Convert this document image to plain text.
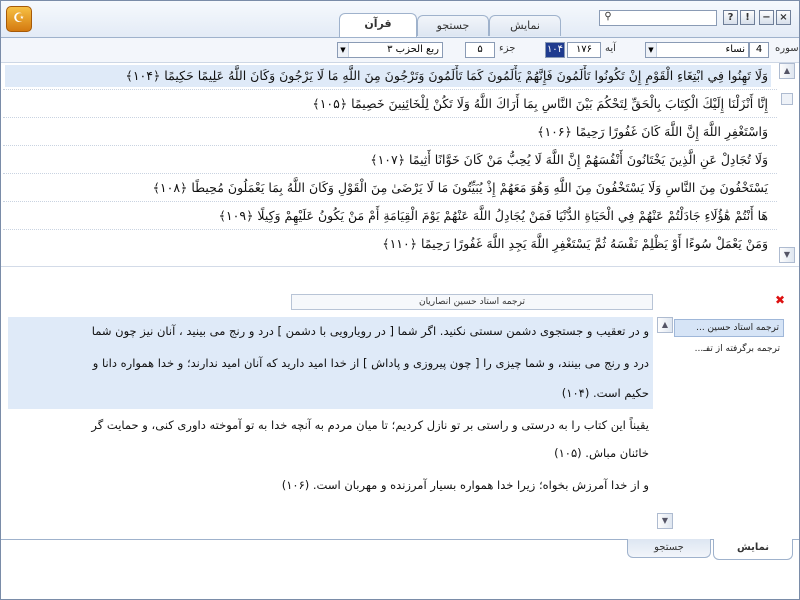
☪	نمایش
جستجو
قرآن
⚲	?	!	− ×
سوره
4
▼	نساء
آیه
۱۷۶
۱۰۴
جزء
۵
▼	ربع الحزب ۳
وَلَا تَهِنُوا فِي ابْتِغَاءِ الْقَوْمِ إِنْ تَكُونُوا تَأْلَمُونَ فَإِنَّهُمْ يَأْلَمُونَ كَمَا تَأْلَمُونَ وَتَرْجُونَ مِنَ اللَّهِ مَا لَا يَرْجُونَ وَكَانَ اللَّهُ عَلِيمًا حَكِيمًا ﴿۱۰۴﴾
إِنَّا أَنْزَلْنَا إِلَيْكَ الْكِتَابَ بِالْحَقِّ لِتَحْكُمَ بَيْنَ النَّاسِ بِمَا أَرَاكَ اللَّهُ وَلَا تَكُنْ لِلْخَائِنِينَ خَصِيمًا ﴿۱۰۵﴾
وَاسْتَغْفِرِ اللَّهَ إِنَّ اللَّهَ كَانَ غَفُورًا رَحِيمًا ﴿۱۰۶﴾
وَلَا تُجَادِلْ عَنِ الَّذِينَ يَخْتَانُونَ أَنْفُسَهُمْ إِنَّ اللَّهَ لَا يُحِبُّ مَنْ كَانَ خَوَّانًا أَثِيمًا ﴿۱۰۷﴾
يَسْتَخْفُونَ مِنَ النَّاسِ وَلَا يَسْتَخْفُونَ مِنَ اللَّهِ وَهُوَ مَعَهُمْ إِذْ يُبَيِّتُونَ مَا لَا يَرْضَىٰ مِنَ الْقَوْلِ وَكَانَ اللَّهُ بِمَا يَعْمَلُونَ مُحِيطًا ﴿۱۰۸﴾
هَا أَنْتُمْ هَٰؤُلَاءِ جَادَلْتُمْ عَنْهُمْ فِي الْحَيَاةِ الدُّنْيَا فَمَنْ يُجَادِلُ اللَّهَ عَنْهُمْ يَوْمَ الْقِيَامَةِ أَمْ مَنْ يَكُونُ عَلَيْهِمْ وَكِيلًا ﴿۱۰۹﴾
وَمَنْ يَعْمَلْ سُوءًا أَوْ يَظْلِمْ نَفْسَهُ ثُمَّ يَسْتَغْفِرِ اللَّهَ يَجِدِ اللَّهَ غَفُورًا رَحِيمًا ﴿۱۱۰﴾
▲
▼
ترجمه استاد حسین انصاریان	✖
و در تعقیب و جستجوی دشمن سستی نکنید. اگر شما [ در رویارویی با دشمن ] درد و رنج می بینید ، آنان نیز چون شما
درد و رنج می بینند، و شما چیزی را [ چون پیروزی و پاداش ] از خدا امید دارید که آنان امید ندارند؛ و خدا همواره دانا و
حکیم است. (۱۰۴)
یقیناً این کتاب را به درستی و راستی بر تو نازل کردیم؛ تا میان مردم به آنچه خدا به تو آموخته داوری کنی، و حمایت گر
خائنان مباش. (۱۰۵)
و از خدا آمرزش بخواه؛ زیرا خدا همواره بسیار آمرزنده و مهربان است. (۱۰۶)
▲
▼
ترجمه استاد حسین ...
ترجمه برگرفته از تفـ...
نمایش
جستجو
